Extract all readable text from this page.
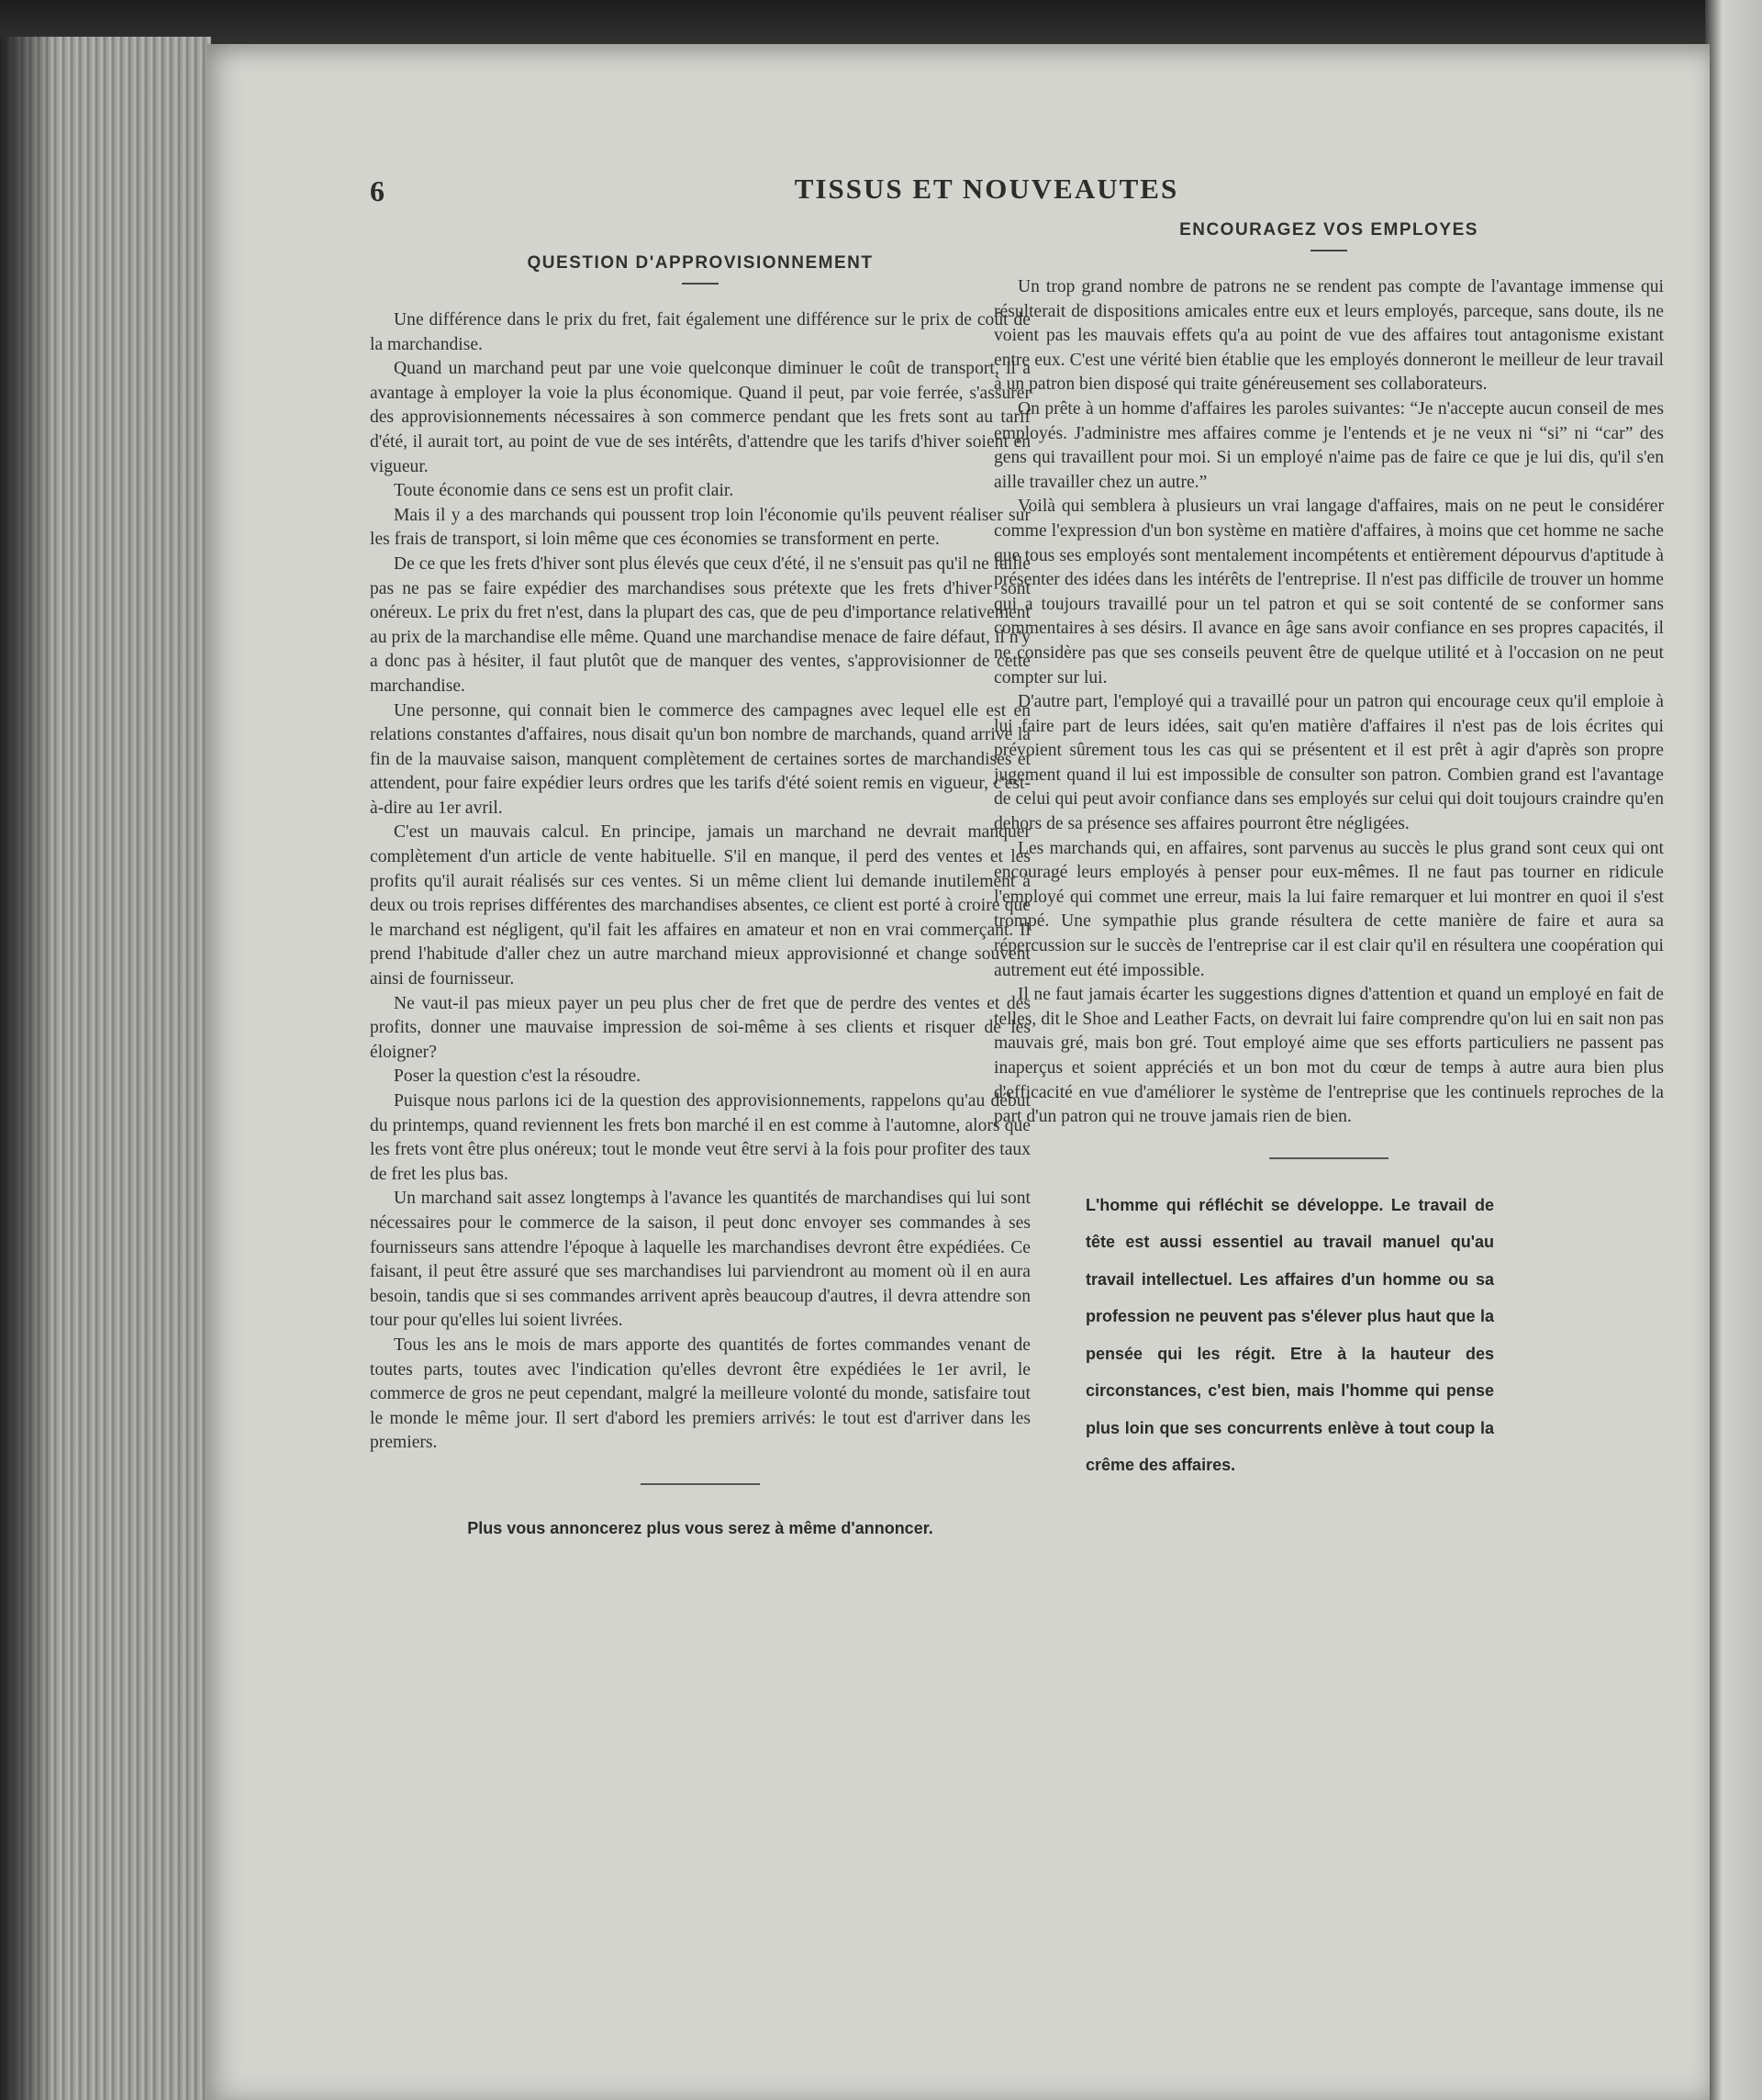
6	TISSUS ET NOUVEAUTES
QUESTION D'APPROVISIONNEMENT

Une différence dans le prix du fret, fait également une différence sur le prix de coût de la marchandise.

Quand un marchand peut par une voie quelconque diminuer le coût de transport, il a avantage à employer la voie la plus économique. Quand il peut, par voie ferrée, s'assurer des approvisionnements nécessaires à son commerce pendant que les frets sont au tarif d'été, il aurait tort, au point de vue de ses intérêts, d'attendre que les tarifs d'hiver soient en vigueur.

Toute économie dans ce sens est un profit clair.

Mais il y a des marchands qui poussent trop loin l'économie qu'ils peuvent réaliser sur les frais de transport, si loin même que ces économies se transforment en perte.

De ce que les frets d'hiver sont plus élevés que ceux d'été, il ne s'ensuit pas qu'il ne faille pas ne pas se faire expédier des marchandises sous prétexte que les frets d'hiver sont onéreux. Le prix du fret n'est, dans la plupart des cas, que de peu d'importance relativement au prix de la marchandise elle même. Quand une marchandise menace de faire défaut, il n'y a donc pas à hésiter, il faut plutôt que de manquer des ventes, s'approvisionner de cette marchandise.

Une personne, qui connait bien le commerce des campagnes avec lequel elle est en relations constantes d'affaires, nous disait qu'un bon nombre de marchands, quand arrive la fin de la mauvaise saison, manquent complètement de certaines sortes de marchandises et attendent, pour faire expédier leurs ordres que les tarifs d'été soient remis en vigueur, c'est-à-dire au 1er avril.

C'est un mauvais calcul. En principe, jamais un marchand ne devrait manquer complètement d'un article de vente habituelle. S'il en manque, il perd des ventes et les profits qu'il aurait réalisés sur ces ventes. Si un même client lui demande inutilement à deux ou trois reprises différentes des marchandises absentes, ce client est porté à croire que le marchand est négligent, qu'il fait les affaires en amateur et non en vrai commerçant. Il prend l'habitude d'aller chez un autre marchand mieux approvisionné et change souvent ainsi de fournisseur.

Ne vaut-il pas mieux payer un peu plus cher de fret que de perdre des ventes et des profits, donner une mauvaise impression de soi-même à ses clients et risquer de les éloigner?

Poser la question c'est la résoudre.

Puisque nous parlons ici de la question des approvisionnements, rappelons qu'au début du printemps, quand reviennent les frets bon marché il en est comme à l'automne, alors que les frets vont être plus onéreux; tout le monde veut être servi à la fois pour profiter des taux de fret les plus bas.

Un marchand sait assez longtemps à l'avance les quantités de marchandises qui lui sont nécessaires pour le commerce de la saison, il peut donc envoyer ses commandes à ses fournisseurs sans attendre l'époque à laquelle les marchandises devront être expédiées. Ce faisant, il peut être assuré que ses marchandises lui parviendront au moment où il en aura besoin, tandis que si ses commandes arrivent après beaucoup d'autres, il devra attendre son tour pour qu'elles lui soient livrées.

Tous les ans le mois de mars apporte des quantités de fortes commandes venant de toutes parts, toutes avec l'indication qu'elles devront être expédiées le 1er avril, le commerce de gros ne peut cependant, malgré la meilleure volonté du monde, satisfaire tout le monde le même jour. Il sert d'abord les premiers arrivés: le tout est d'arriver dans les premiers.

Plus vous annoncerez plus vous serez à même d'annoncer.
ENCOURAGEZ VOS EMPLOYES

Un trop grand nombre de patrons ne se rendent pas compte de l'avantage immense qui résulterait de dispositions amicales entre eux et leurs employés, parceque, sans doute, ils ne voient pas les mauvais effets qu'a au point de vue des affaires tout antagonisme existant entre eux. C'est une vérité bien établie que les employés donneront le meilleur de leur travail à un patron bien disposé qui traite généreusement ses collaborateurs.

On prête à un homme d'affaires les paroles suivantes: “Je n'accepte aucun conseil de mes employés. J'administre mes affaires comme je l'entends et je ne veux ni “si” ni “car” des gens qui travaillent pour moi. Si un employé n'aime pas de faire ce que je lui dis, qu'il s'en aille travailler chez un autre.”

Voilà qui semblera à plusieurs un vrai langage d'affaires, mais on ne peut le considérer comme l'expression d'un bon système en matière d'affaires, à moins que cet homme ne sache que tous ses employés sont mentalement incompétents et entièrement dépourvus d'aptitude à présenter des idées dans les intérêts de l'entreprise. Il n'est pas difficile de trouver un homme qui a toujours travaillé pour un tel patron et qui se soit contenté de se conformer sans commentaires à ses désirs. Il avance en âge sans avoir confiance en ses propres capacités, il ne considère pas que ses conseils peuvent être de quelque utilité et à l'occasion on ne peut compter sur lui.

D'autre part, l'employé qui a travaillé pour un patron qui encourage ceux qu'il emploie à lui faire part de leurs idées, sait qu'en matière d'affaires il n'est pas de lois écrites qui prévoient sûrement tous les cas qui se présentent et il est prêt à agir d'après son propre jugement quand il lui est impossible de consulter son patron. Combien grand est l'avantage de celui qui peut avoir confiance dans ses employés sur celui qui doit toujours craindre qu'en dehors de sa présence ses affaires pourront être négligées.

Les marchands qui, en affaires, sont parvenus au succès le plus grand sont ceux qui ont encouragé leurs employés à penser pour eux-mêmes. Il ne faut pas tourner en ridicule l'employé qui commet une erreur, mais la lui faire remarquer et lui montrer en quoi il s'est trompé. Une sympathie plus grande résultera de cette manière de faire et aura sa répercussion sur le succès de l'entreprise car il est clair qu'il en résultera une coopération qui autrement eut été impossible.

Il ne faut jamais écarter les suggestions dignes d'attention et quand un employé en fait de telles, dit le Shoe and Leather Facts, on devrait lui faire comprendre qu'on lui en sait non pas mauvais gré, mais bon gré. Tout employé aime que ses efforts particuliers ne passent pas inaperçus et soient appréciés et un bon mot du cœur de temps à autre aura bien plus d'efficacité en vue d'améliorer le système de l'entreprise que les continuels reproches de la part d'un patron qui ne trouve jamais rien de bien.

L'homme qui réfléchit se développe. Le travail de tête est aussi essentiel au travail manuel qu'au travail intellectuel. Les affaires d'un homme ou sa profession ne peuvent pas s'élever plus haut que la pensée qui les régit. Etre à la hauteur des circonstances, c'est bien, mais l'homme qui pense plus loin que ses concurrents enlève à tout coup la crême des affaires.
